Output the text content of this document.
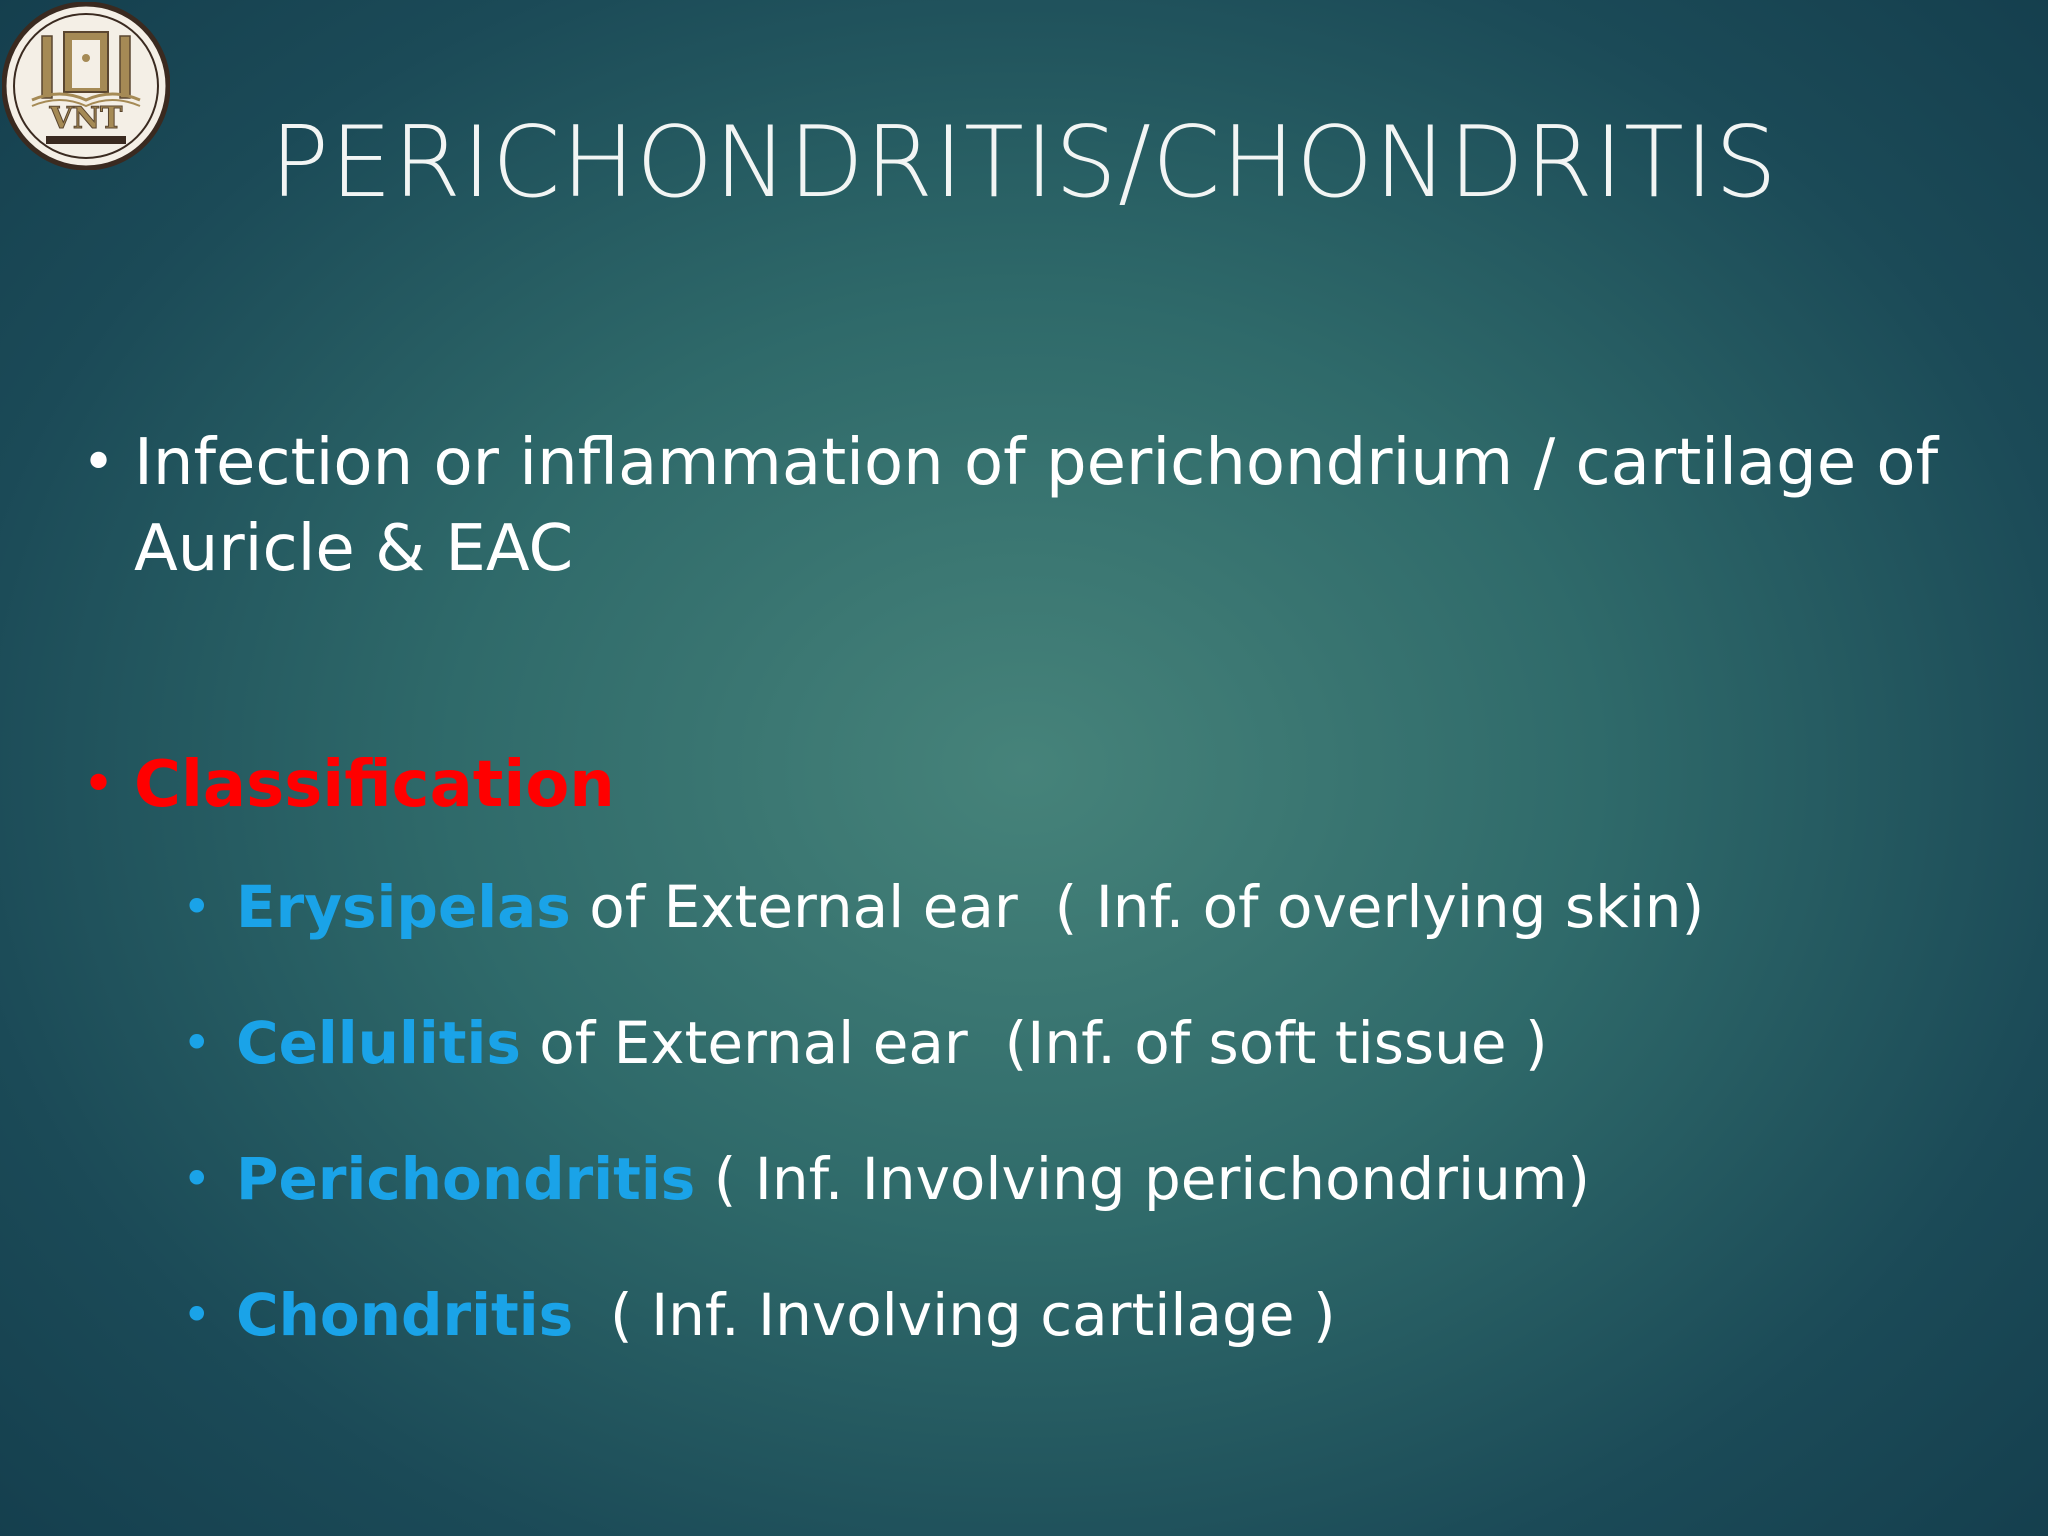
VNT	PERICHONDRITIS/CHONDRITIS
• Infection or inflammation of perichondrium / cartilage of
Auricle & EAC
• Classification
• Erysipelas of External ear  ( Inf. of overlying skin)
• Cellulitis of External ear  (Inf. of soft tissue )
• Perichondritis ( Inf. Involving perichondrium)
• Chondritis  ( Inf. Involving cartilage )
